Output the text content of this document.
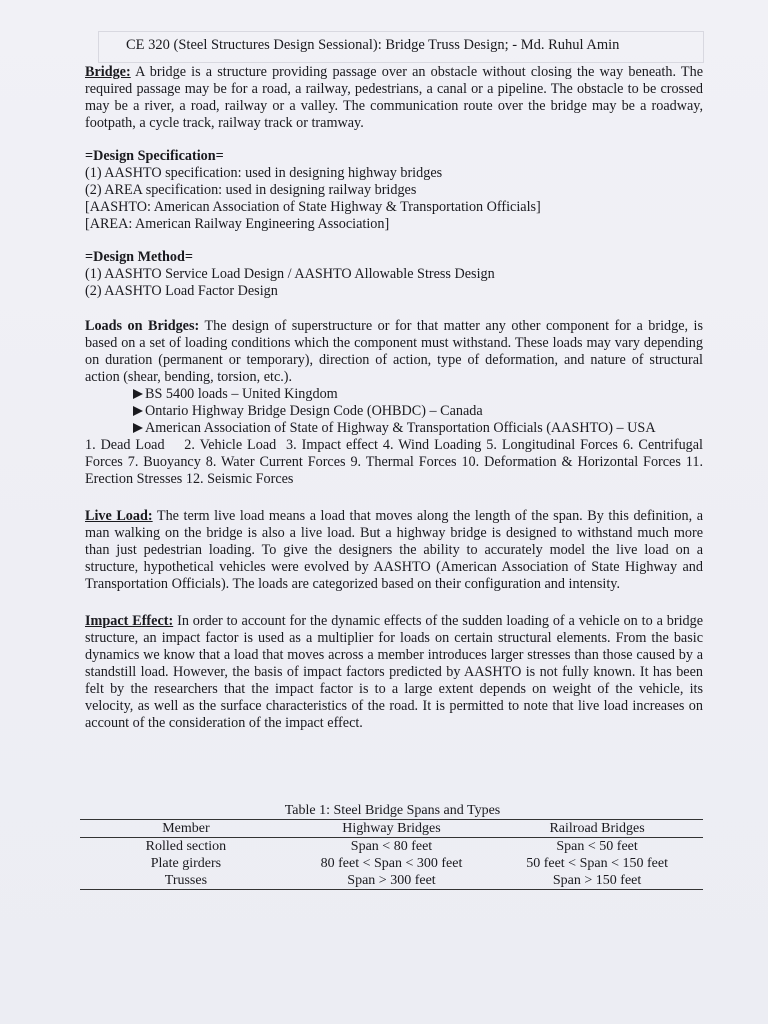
CE 320 (Steel Structures Design Sessional): Bridge Truss Design; - Md. Ruhul Amin

Bridge: A bridge is a structure providing passage over an obstacle without closing the way beneath. The required passage may be for a road, a railway, pedestrians, a canal or a pipeline. The obstacle to be crossed may be a river, a road, railway or a valley. The communication route over the bridge may be a roadway, footpath, a cycle track, railway track or tramway.

=Design Specification=

(1) AASHTO specification: used in designing highway bridges

(2) AREA specification: used in designing railway bridges

[AASHTO: American Association of State Highway & Transportation Officials]

[AREA: American Railway Engineering Association]

=Design Method=

(1) AASHTO Service Load Design / AASHTO Allowable Stress Design

(2) AASHTO Load Factor Design

Loads on Bridges: The design of superstructure or for that matter any other component for a bridge, is based on a set of loading conditions which the component must withstand. These loads may vary depending on duration (permanent or temporary), direction of action, type of deformation, and nature of structural action (shear, bending, torsion, etc.).

BS 5400 loads – United Kingdom
Ontario Highway Bridge Design Code (OHBDC) – Canada
American Association of State of Highway & Transportation Officials (AASHTO) – USA

1. Dead Load    2. Vehicle Load  3. Impact effect 4. Wind Loading 5. Longitudinal Forces 6. Centrifugal Forces 7. Buoyancy 8. Water Current Forces 9. Thermal Forces 10. Deformation & Horizontal Forces 11. Erection Stresses 12. Seismic Forces

Live Load: The term live load means a load that moves along the length of the span. By this definition, a man walking on the bridge is also a live load. But a highway bridge is designed to withstand much more than just pedestrian loading. To give the designers the ability to accurately model the live load on a structure, hypothetical vehicles were evolved by AASHTO (American Association of State Highway and Transportation Officials). The loads are categorized based on their configuration and intensity.

Impact Effect: In order to account for the dynamic effects of the sudden loading of a vehicle on to a bridge structure, an impact factor is used as a multiplier for loads on certain structural elements. From the basic dynamics we know that a load that moves across a member introduces larger stresses than those caused by a standstill load. However, the basis of impact factors predicted by AASHTO is not fully known. It has been felt by the researchers that the impact factor is to a large extent depends on weight of the vehicle, its velocity, as well as the surface characteristics of the road. It is permitted to note that live load increases on account of the consideration of the impact effect.

Table 1: Steel Bridge Spans and Types
Member	Highway Bridges	Railroad Bridges
Rolled section	Span < 80 feet	Span < 50 feet
Plate girders	80 feet < Span < 300 feet	50 feet < Span < 150 feet
Trusses	Span > 300 feet	Span > 150 feet
